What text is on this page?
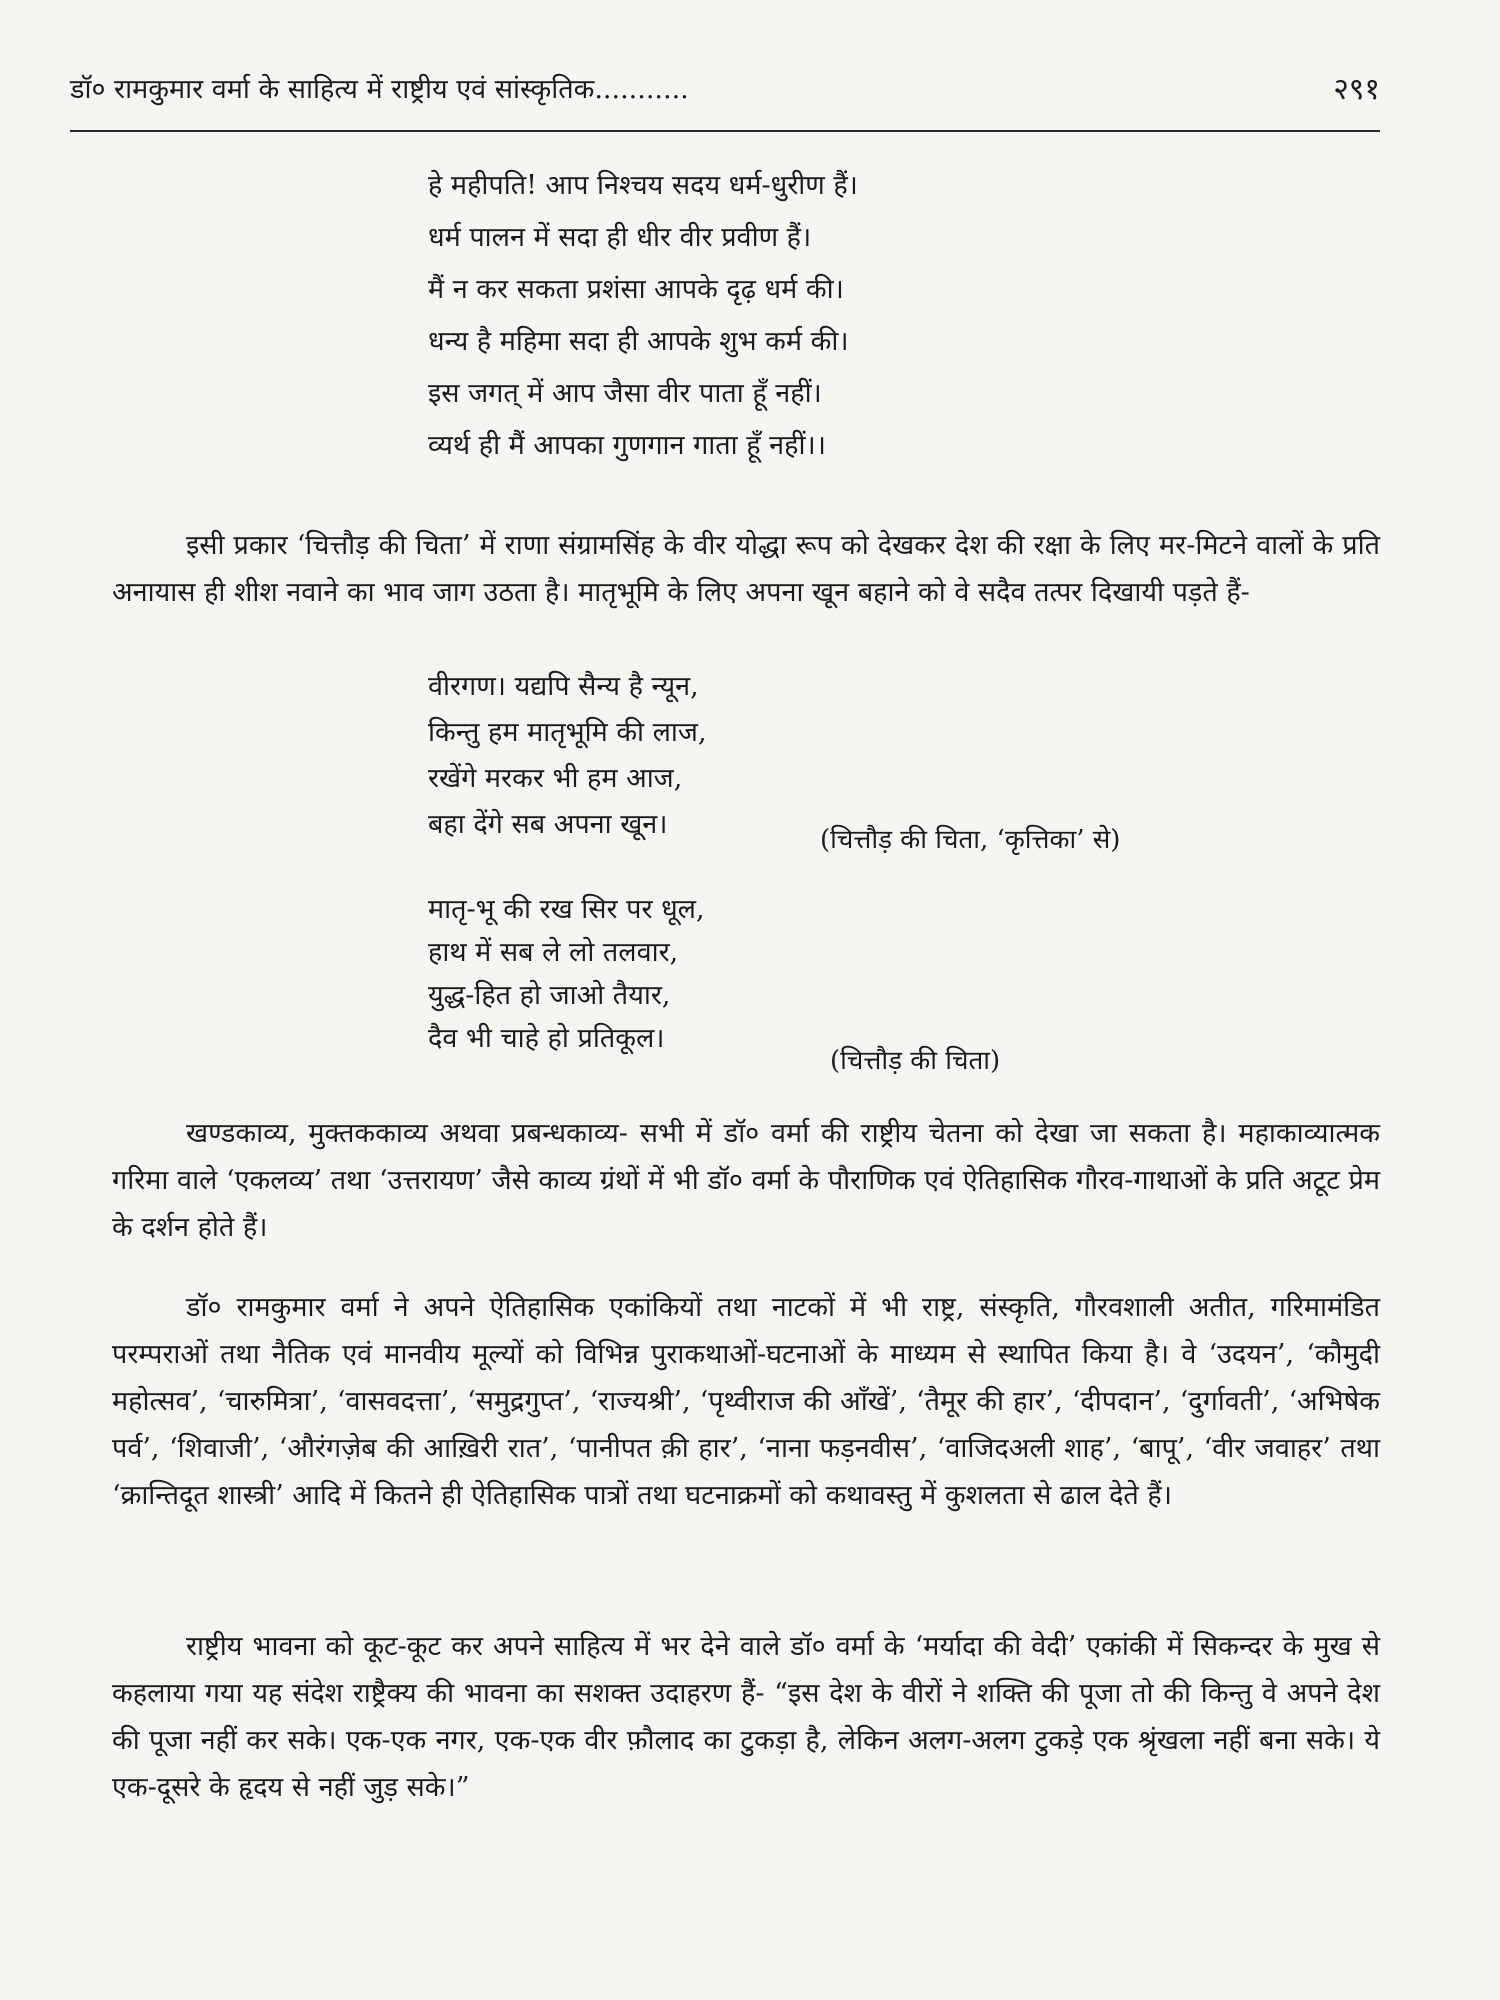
डॉ० रामकुमार वर्मा के साहित्य में राष्ट्रीय एवं सांस्कृतिक...........	२९१
हे महीपति! आप निश्चय सदय धर्म-धुरीण हैं।
धर्म पालन में सदा ही धीर वीर प्रवीण हैं।
मैं न कर सकता प्रशंसा आपके दृढ़ धर्म की।
धन्य है महिमा सदा ही आपके शुभ कर्म की।
इस जगत् में आप जैसा वीर पाता हूँ नहीं।
व्यर्थ ही मैं आपका गुणगान गाता हूँ नहीं।।

इसी प्रकार ‘चित्तौड़ की चिता’ में राणा संग्रामसिंह के वीर योद्धा रूप को देखकर देश की रक्षा के लिए मर-मिटने वालों के प्रति अनायास ही शीश नवाने का भाव जाग उठता है। मातृभूमि के लिए अपना खून बहाने को वे सदैव तत्पर दिखायी पड़ते हैं-

वीरगण। यद्यपि सैन्य है न्यून,
किन्तु हम मातृभूमि की लाज,
रखेंगे मरकर भी हम आज,
बहा देंगे सब अपना खून।	(चित्तौड़ की चिता, ‘कृत्तिका’ से)
मातृ-भू की रख सिर पर धूल,
हाथ में सब ले लो तलवार,
युद्ध-हित हो जाओ तैयार,
दैव भी चाहे हो प्रतिकूल।
(चित्तौड़ की चिता)

खण्डकाव्य, मुक्तककाव्य अथवा प्रबन्धकाव्य- सभी में डॉ० वर्मा की राष्ट्रीय चेतना को देखा जा सकता है। महाकाव्यात्मक गरिमा वाले ‘एकलव्य’ तथा ‘उत्तरायण’ जैसे काव्य ग्रंथों में भी डॉ० वर्मा के पौराणिक एवं ऐतिहासिक गौरव-गाथाओं के प्रति अटूट प्रेम के दर्शन होते हैं।

डॉ० रामकुमार वर्मा ने अपने ऐतिहासिक एकांकियों तथा नाटकों में भी राष्ट्र, संस्कृति, गौरवशाली अतीत, गरिमामंडित परम्पराओं तथा नैतिक एवं मानवीय मूल्यों को विभिन्न पुराकथाओं-घटनाओं के माध्यम से स्थापित किया है। वे ‘उदयन’, ‘कौमुदी महोत्सव’, ‘चारुमित्रा’, ‘वासवदत्ता’, ‘समुद्रगुप्त’, ‘राज्यश्री’, ‘पृथ्वीराज की आँखें’, ‘तैमूर की हार’, ‘दीपदान’, ‘दुर्गावती’, ‘अभिषेक पर्व’, ‘शिवाजी’, ‘औरंगज़ेब की आख़िरी रात’, ‘पानीपत क़ी हार’, ‘नाना फड़नवीस’, ‘वाजिदअली शाह’, ‘बापू’, ‘वीर जवाहर’ तथा ‘क्रान्तिदूत शास्त्री’ आदि में कितने ही ऐतिहासिक पात्रों तथा घटनाक्रमों को कथावस्तु में कुशलता से ढाल देते हैं।

राष्ट्रीय भावना को कूट-कूट कर अपने साहित्य में भर देने वाले डॉ० वर्मा के ‘मर्यादा की वेदी’ एकांकी में सिकन्दर के मुख से कहलाया गया यह संदेश राष्ट्रैक्य की भावना का सशक्त उदाहरण हैं- “इस देश के वीरों ने शक्ति की पूजा तो की किन्तु वे अपने देश की पूजा नहीं कर सके। एक-एक नगर, एक-एक वीर फ़ौलाद का टुकड़ा है, लेकिन अलग-अलग टुकड़े एक श्रृंखला नहीं बना सके। ये एक-दूसरे के हृदय से नहीं जुड़ सके।”
